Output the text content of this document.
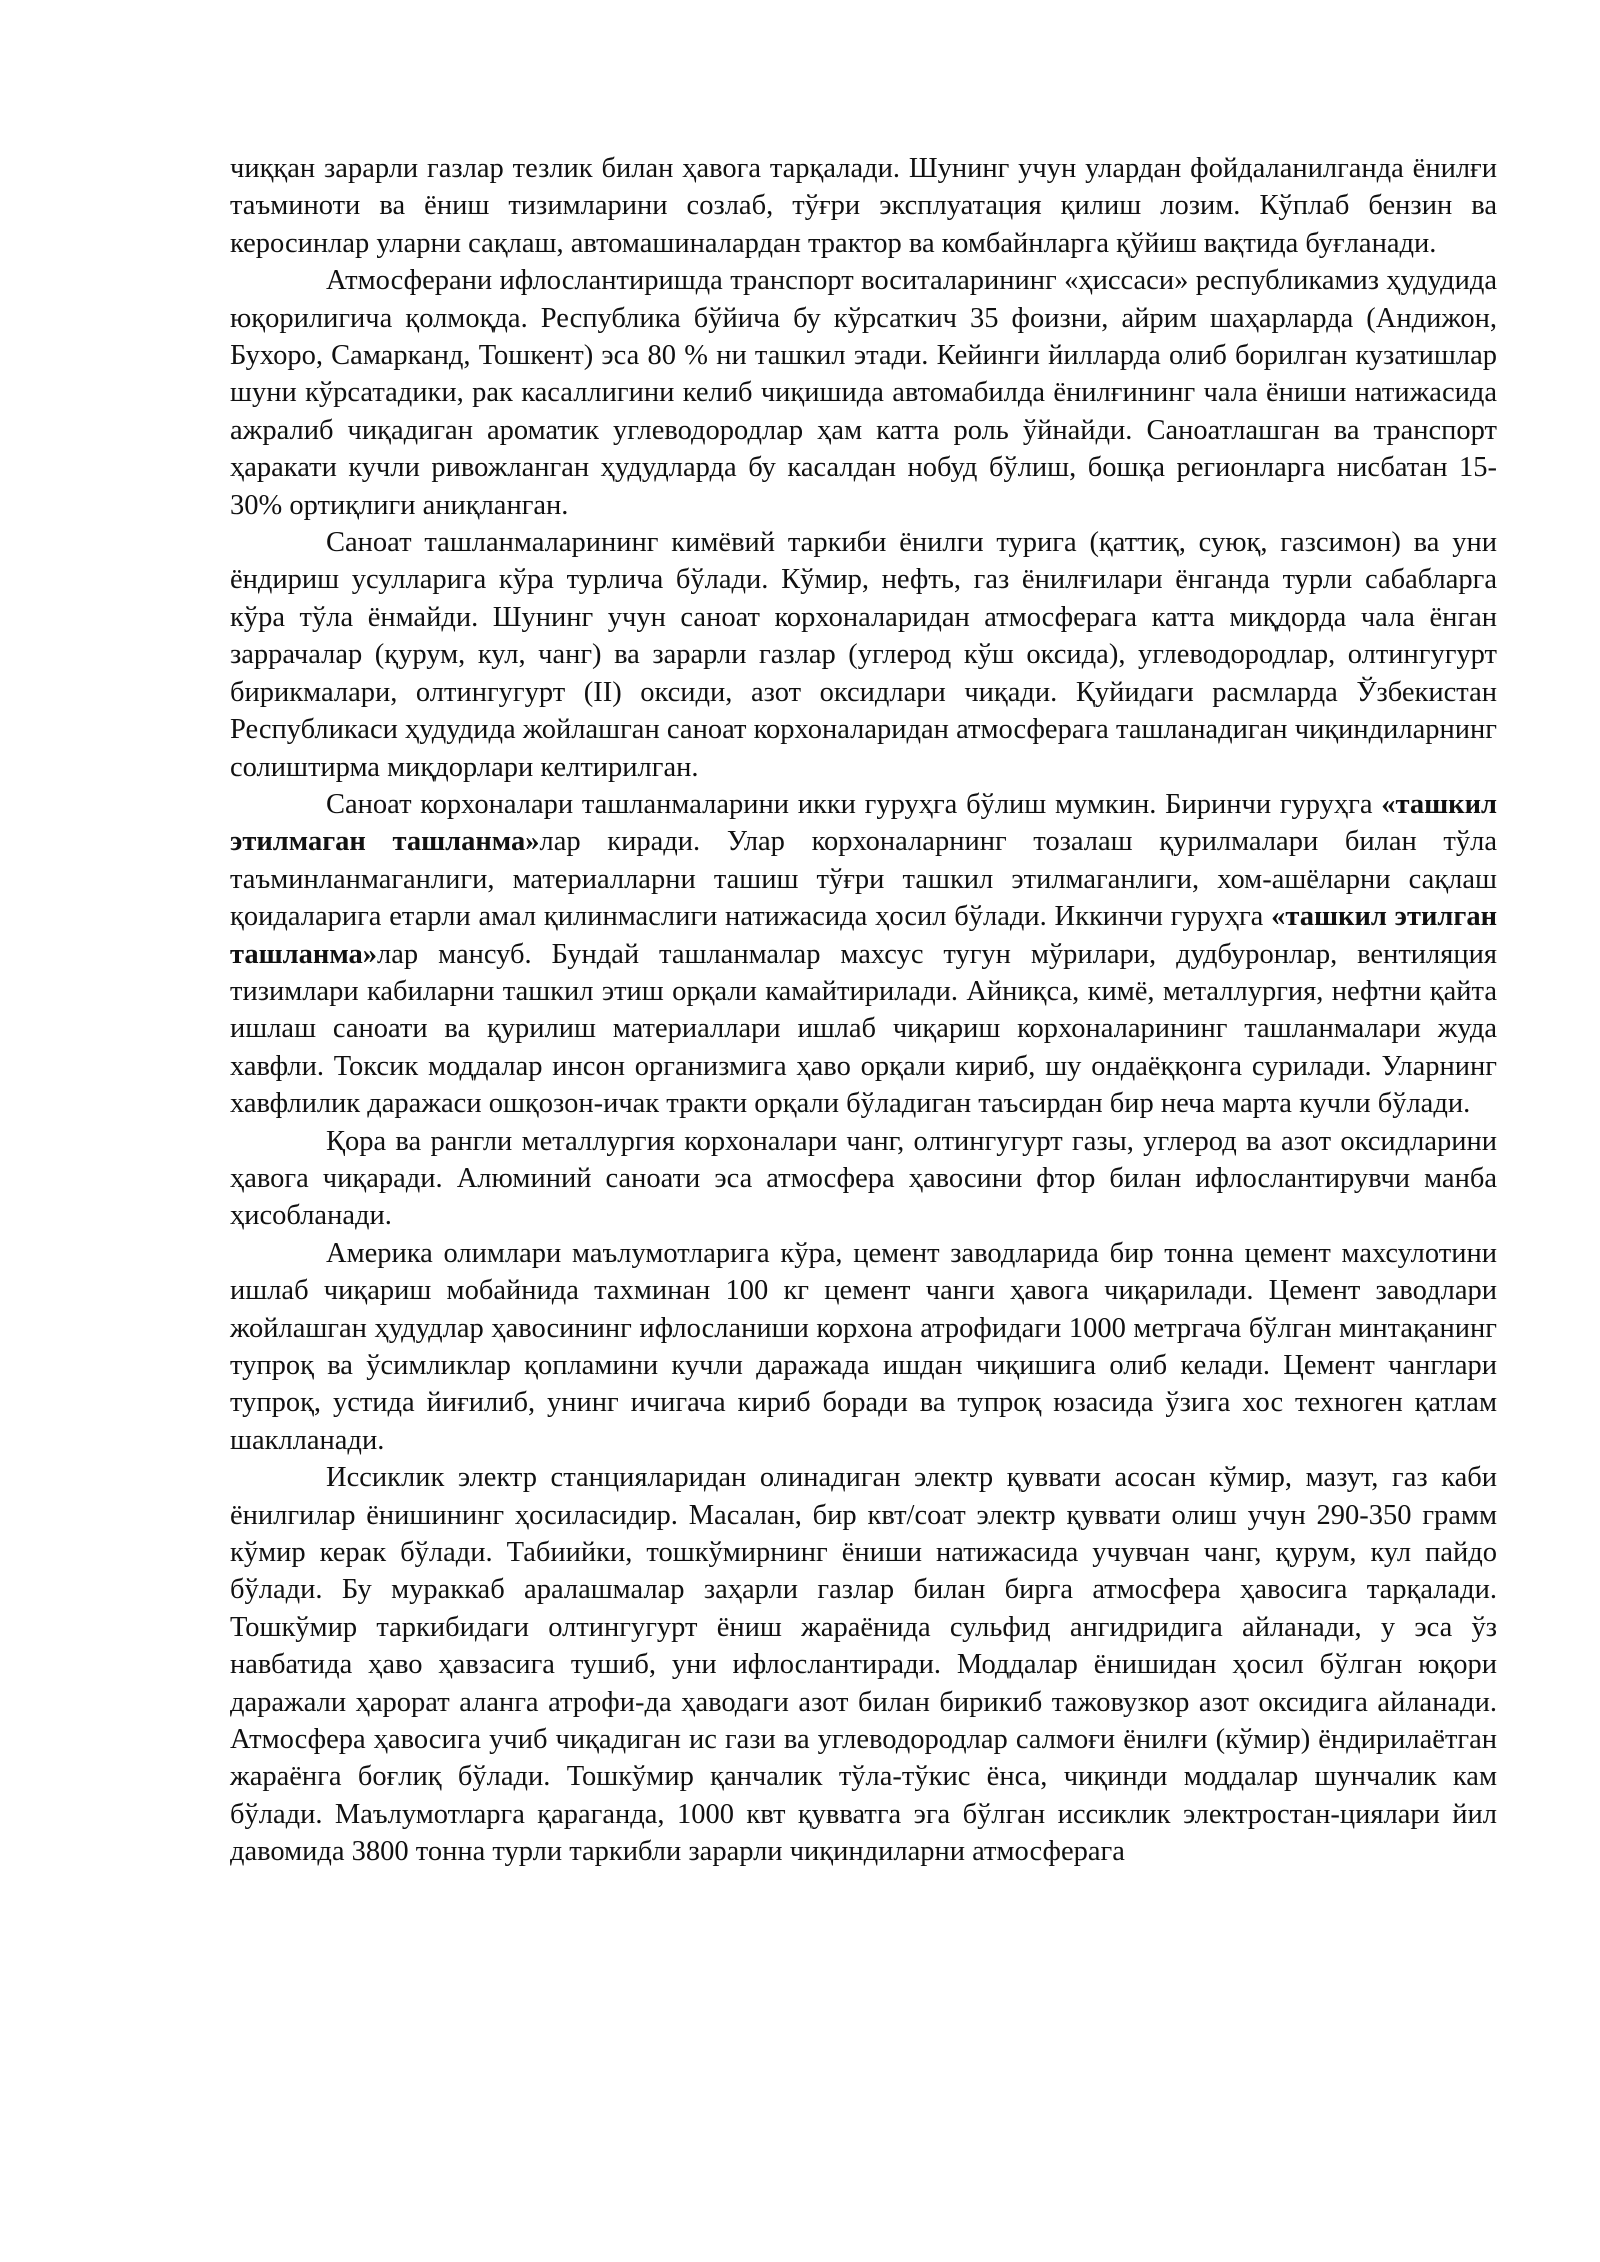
чиққан зарарли газлар тезлик билан ҳавога тарқалади. Шунинг учун улардан фойдаланилганда ёнилғи таъминоти ва ёниш тизимларини созлаб, тўғри эксплуатация қилиш лозим. Кўплаб бензин ва керосинлар уларни сақлаш, автомашиналардан трактор ва комбайнларга қўйиш вақтида буғланади.

Атмосферани ифлослантиришда транспорт воситаларининг «ҳиссаси» республикамиз ҳудудида юқорилигича қолмоқда. Республика бўйича бу кўрсаткич 35 фоизни, айрим шаҳарларда (Андижон, Бухоро, Самарканд, Тошкент) эса 80 % ни ташкил этади. Кейинги йилларда олиб борилган кузатишлар шуни кўрсатадики, рак касаллигини келиб чиқишида автомабилда ёнилғининг чала ёниши натижасида ажралиб чиқадиган ароматик углеводородлар ҳам катта роль ўйнайди. Саноатлашган ва транспорт ҳаракати кучли ривожланган ҳудудларда бу касалдан нобуд бўлиш, бошқа регионларга нисбатан 15-30% ортиқлиги аниқланган.

Саноат ташланмаларининг кимёвий таркиби ёнилги турига (қаттиқ, суюқ, газсимон) ва уни ёндириш усулларига кўра турлича бўлади. Кўмир, нефть, газ ёнилғилари ёнганда турли сабабларга кўра тўла ёнмайди. Шунинг учун саноат корхоналаридан атмосферага катта миқдорда чала ёнган заррачалар (қурум, кул, чанг) ва зарарли газлар (углерод кўш оксида), углеводородлар, олтингугурт бирикмалари, олтингугурт (II) оксиди, азот оксидлари чиқади. Қуйидаги расмларда Ўзбекистан Республикаси ҳудудида жойлашган саноат корхоналаридан атмосферага ташланадиган чиқиндиларнинг солиштирма миқдорлари келтирилган.

Саноат корхоналари ташланмаларини икки гуруҳга бўлиш мумкин. Биринчи гуруҳга «ташкил этилмаган ташланма»лар киради. Улар корхоналарнинг тозалаш қурилмалари билан тўла таъминланмаганлиги, материалларни ташиш тўғри ташкил этилмаганлиги, хом-ашёларни сақлаш қоидаларига етарли амал қилинмаслиги натижасида ҳосил бўлади. Иккинчи гуруҳга «ташкил этилган ташланма»лар мансуб. Бундай ташланмалар махсус тугун мўрилари, дудбуронлар, вентиляция тизимлари кабиларни ташкил этиш орқали камайтирилади. Айниқса, кимё, металлургия, нефтни қайта ишлаш саноати ва қурилиш материаллари ишлаб чиқариш корхоналарининг ташланмалари жуда хавфли. Токсик моддалар инсон организмига ҳаво орқали кириб, шу ондаёққонга сурилади. Уларнинг хавфлилик даражаси ошқозон-ичак тракти орқали бўладиган таъсирдан бир неча марта кучли бўлади.

Қора ва рангли металлургия корхоналари чанг, олтингугурт газы, углерод ва азот оксидларини ҳавога чиқаради. Алюминий саноати эса атмосфера ҳавосини фтор билан ифлослантирувчи манба ҳисобланади.

Америка олимлари маълумотларига кўра, цемент заводларида бир тонна цемент махсулотини ишлаб чиқариш мобайнида тахминан 100 кг цемент чанги ҳавога чиқарилади. Цемент заводлари жойлашган ҳудудлар ҳавосининг ифлосланиши корхона атрофидаги 1000 метргача бўлган минтақанинг тупроқ ва ўсимликлар қопламини кучли даражада ишдан чиқишига олиб келади. Цемент чанглари тупроқ, устида йиғилиб, унинг ичигача кириб боради ва тупроқ юзасида ўзига хос техноген қатлам шаклланади.

Иссиклик электр станцияларидан олинадиган электр қуввати асосан кўмир, мазут, газ каби ёнилгилар ёнишининг ҳосиласидир. Масалан, бир квт/соат электр қуввати олиш учун 290-350 грамм кўмир керак бўлади. Табиийки, тошкўмирнинг ёниши натижасида учувчан чанг, қурум, кул пайдо бўлади. Бу мураккаб аралашмалар заҳарли газлар билан бирга атмосфера ҳавосига тарқалади. Тошкўмир таркибидаги олтингугурт ёниш жараёнида сульфид ангидридига айланади, у эса ўз навбатида ҳаво ҳавзасига тушиб, уни ифлослантиради. Моддалар ёнишидан ҳосил бўлган юқори даражали ҳарорат аланга атрофи-да ҳаводаги азот билан бирикиб тажовузкор азот оксидига айланади. Атмосфера ҳавосига учиб чиқадиган ис гази ва углеводородлар салмоғи ёнилғи (кўмир) ёндирилаётган жараёнга боғлиқ бўлади. Тошкўмир қанчалик тўла-тўкис ёнса, чиқинди моддалар шунчалик кам бўлади. Маълумотларга қараганда, 1000 квт қувватга эга бўлган иссиклик электростан-циялари йил давомида 3800 тонна турли таркибли зарарли чиқиндиларни атмосферага
